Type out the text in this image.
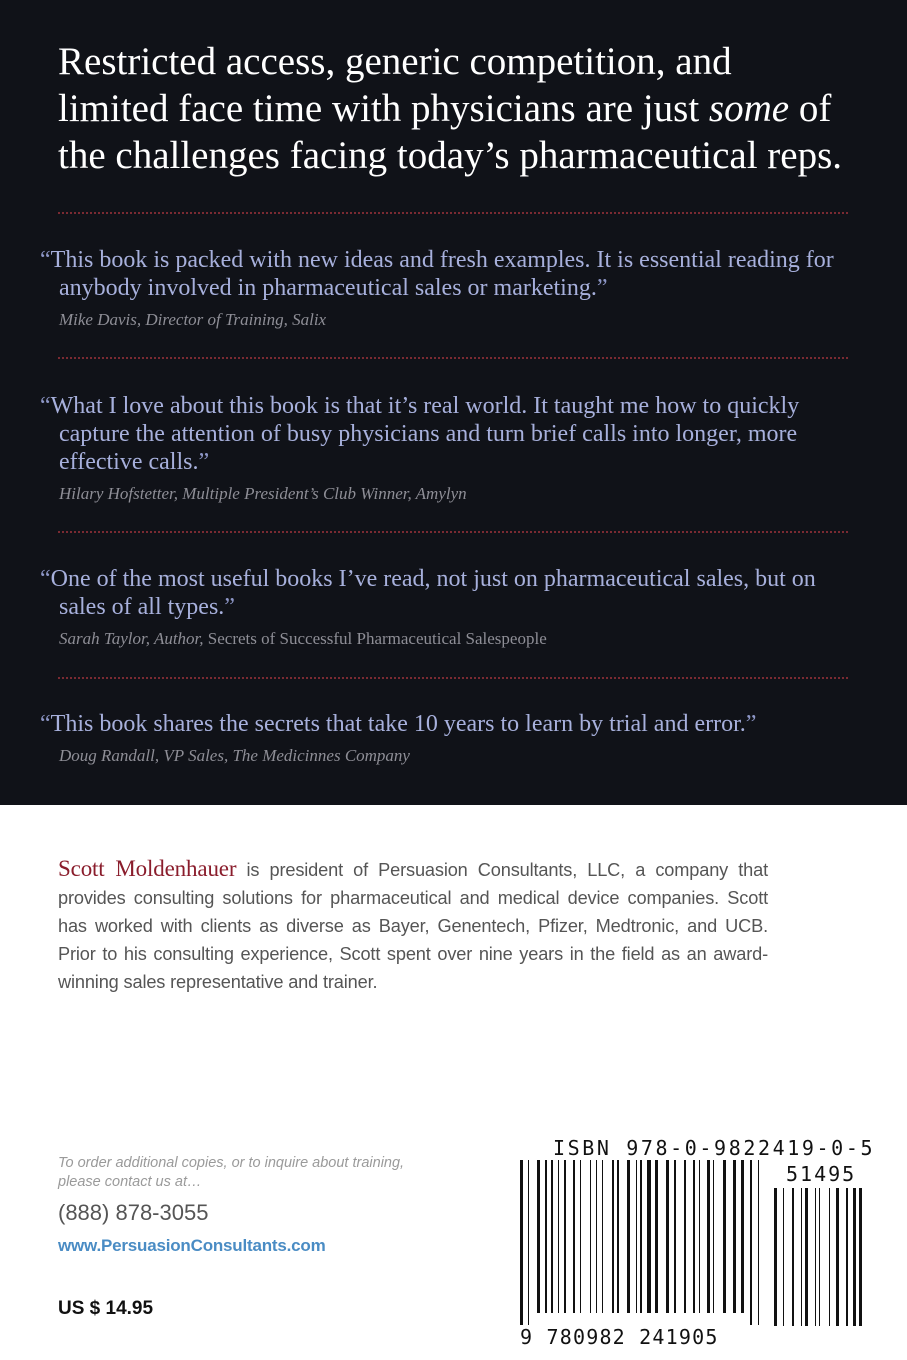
Restricted access, generic competition, and
limited face time with physicians are just some of
the challenges facing today’s pharmaceutical reps.
“This book is packed with new ideas and fresh examples. It is essential reading for anybody involved in pharmaceutical sales or marketing.”
Mike Davis, Director of Training, Salix
“What I love about this book is that it’s real world. It taught me how to quickly capture the attention of busy physicians and turn brief calls into longer, more effective calls.”
Hilary Hofstetter, Multiple President’s Club Winner, Amylyn
“One of the most useful books I’ve read, not just on pharmaceutical sales, but on sales of all types.”
Sarah Taylor, Author, Secrets of Successful Pharmaceutical Salespeople
“This book shares the secrets that take 10 years to learn by trial and error.”
Doug Randall, VP Sales, The Medicinnes Company
Scott Moldenhauer is president of Persuasion Consultants, LLC, a company that provides consulting solutions for pharmaceutical and medical device companies. Scott has worked with clients as diverse as Bayer, Genentech, Pfizer, Medtronic, and UCB. Prior to his consulting experience, Scott spent over nine years in the field as an award-winning sales representative and trainer.
To order additional copies, or to inquire about training,
please contact us at…
(888) 878-3055
www.PersuasionConsultants.com
US $ 14.95
ISBN 978-0-9822419-0-5
51495
9 780982 241905
